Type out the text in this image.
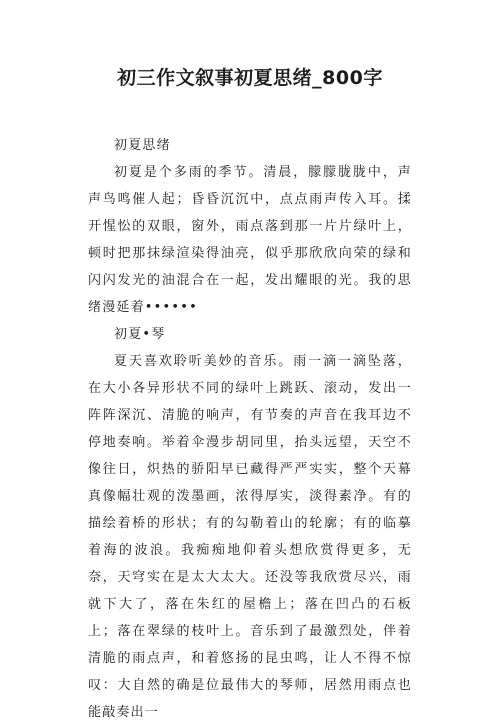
初三作文叙事初夏思绪_800字

初夏思绪

初夏是个多雨的季节。清晨，朦朦胧胧中，声声鸟鸣催人起；昏昏沉沉中，点点雨声传入耳。揉开惺忪的双眼，窗外，雨点落到那一片片绿叶上，顿时把那抹绿渲染得油亮，似乎那欣欣向荣的绿和闪闪发光的油混合在一起，发出耀眼的光。我的思绪漫延着••••••

初夏•琴

夏天喜欢聆听美妙的音乐。雨一滴一滴坠落，在大小各异形状不同的绿叶上跳跃、滚动，发出一阵阵深沉、清脆的响声，有节奏的声音在我耳边不停地奏响。举着伞漫步胡同里，抬头远望，天空不像往日，炽热的骄阳早已藏得严严实实，整个天幕真像幅壮观的泼墨画，浓得厚实，淡得素净。有的描绘着桥的形状；有的勾勒着山的轮廓；有的临摹着海的波浪。我痴痴地仰着头想欣赏得更多，无奈，天穹实在是太大太大。还没等我欣赏尽兴，雨就下大了，落在朱红的屋檐上；落在凹凸的石板上；落在翠绿的枝叶上。音乐到了最激烈处，伴着清脆的雨点声，和着悠扬的昆虫鸣，让人不得不惊叹：大自然的确是位最伟大的琴师，居然用雨点也能敲奏出一
